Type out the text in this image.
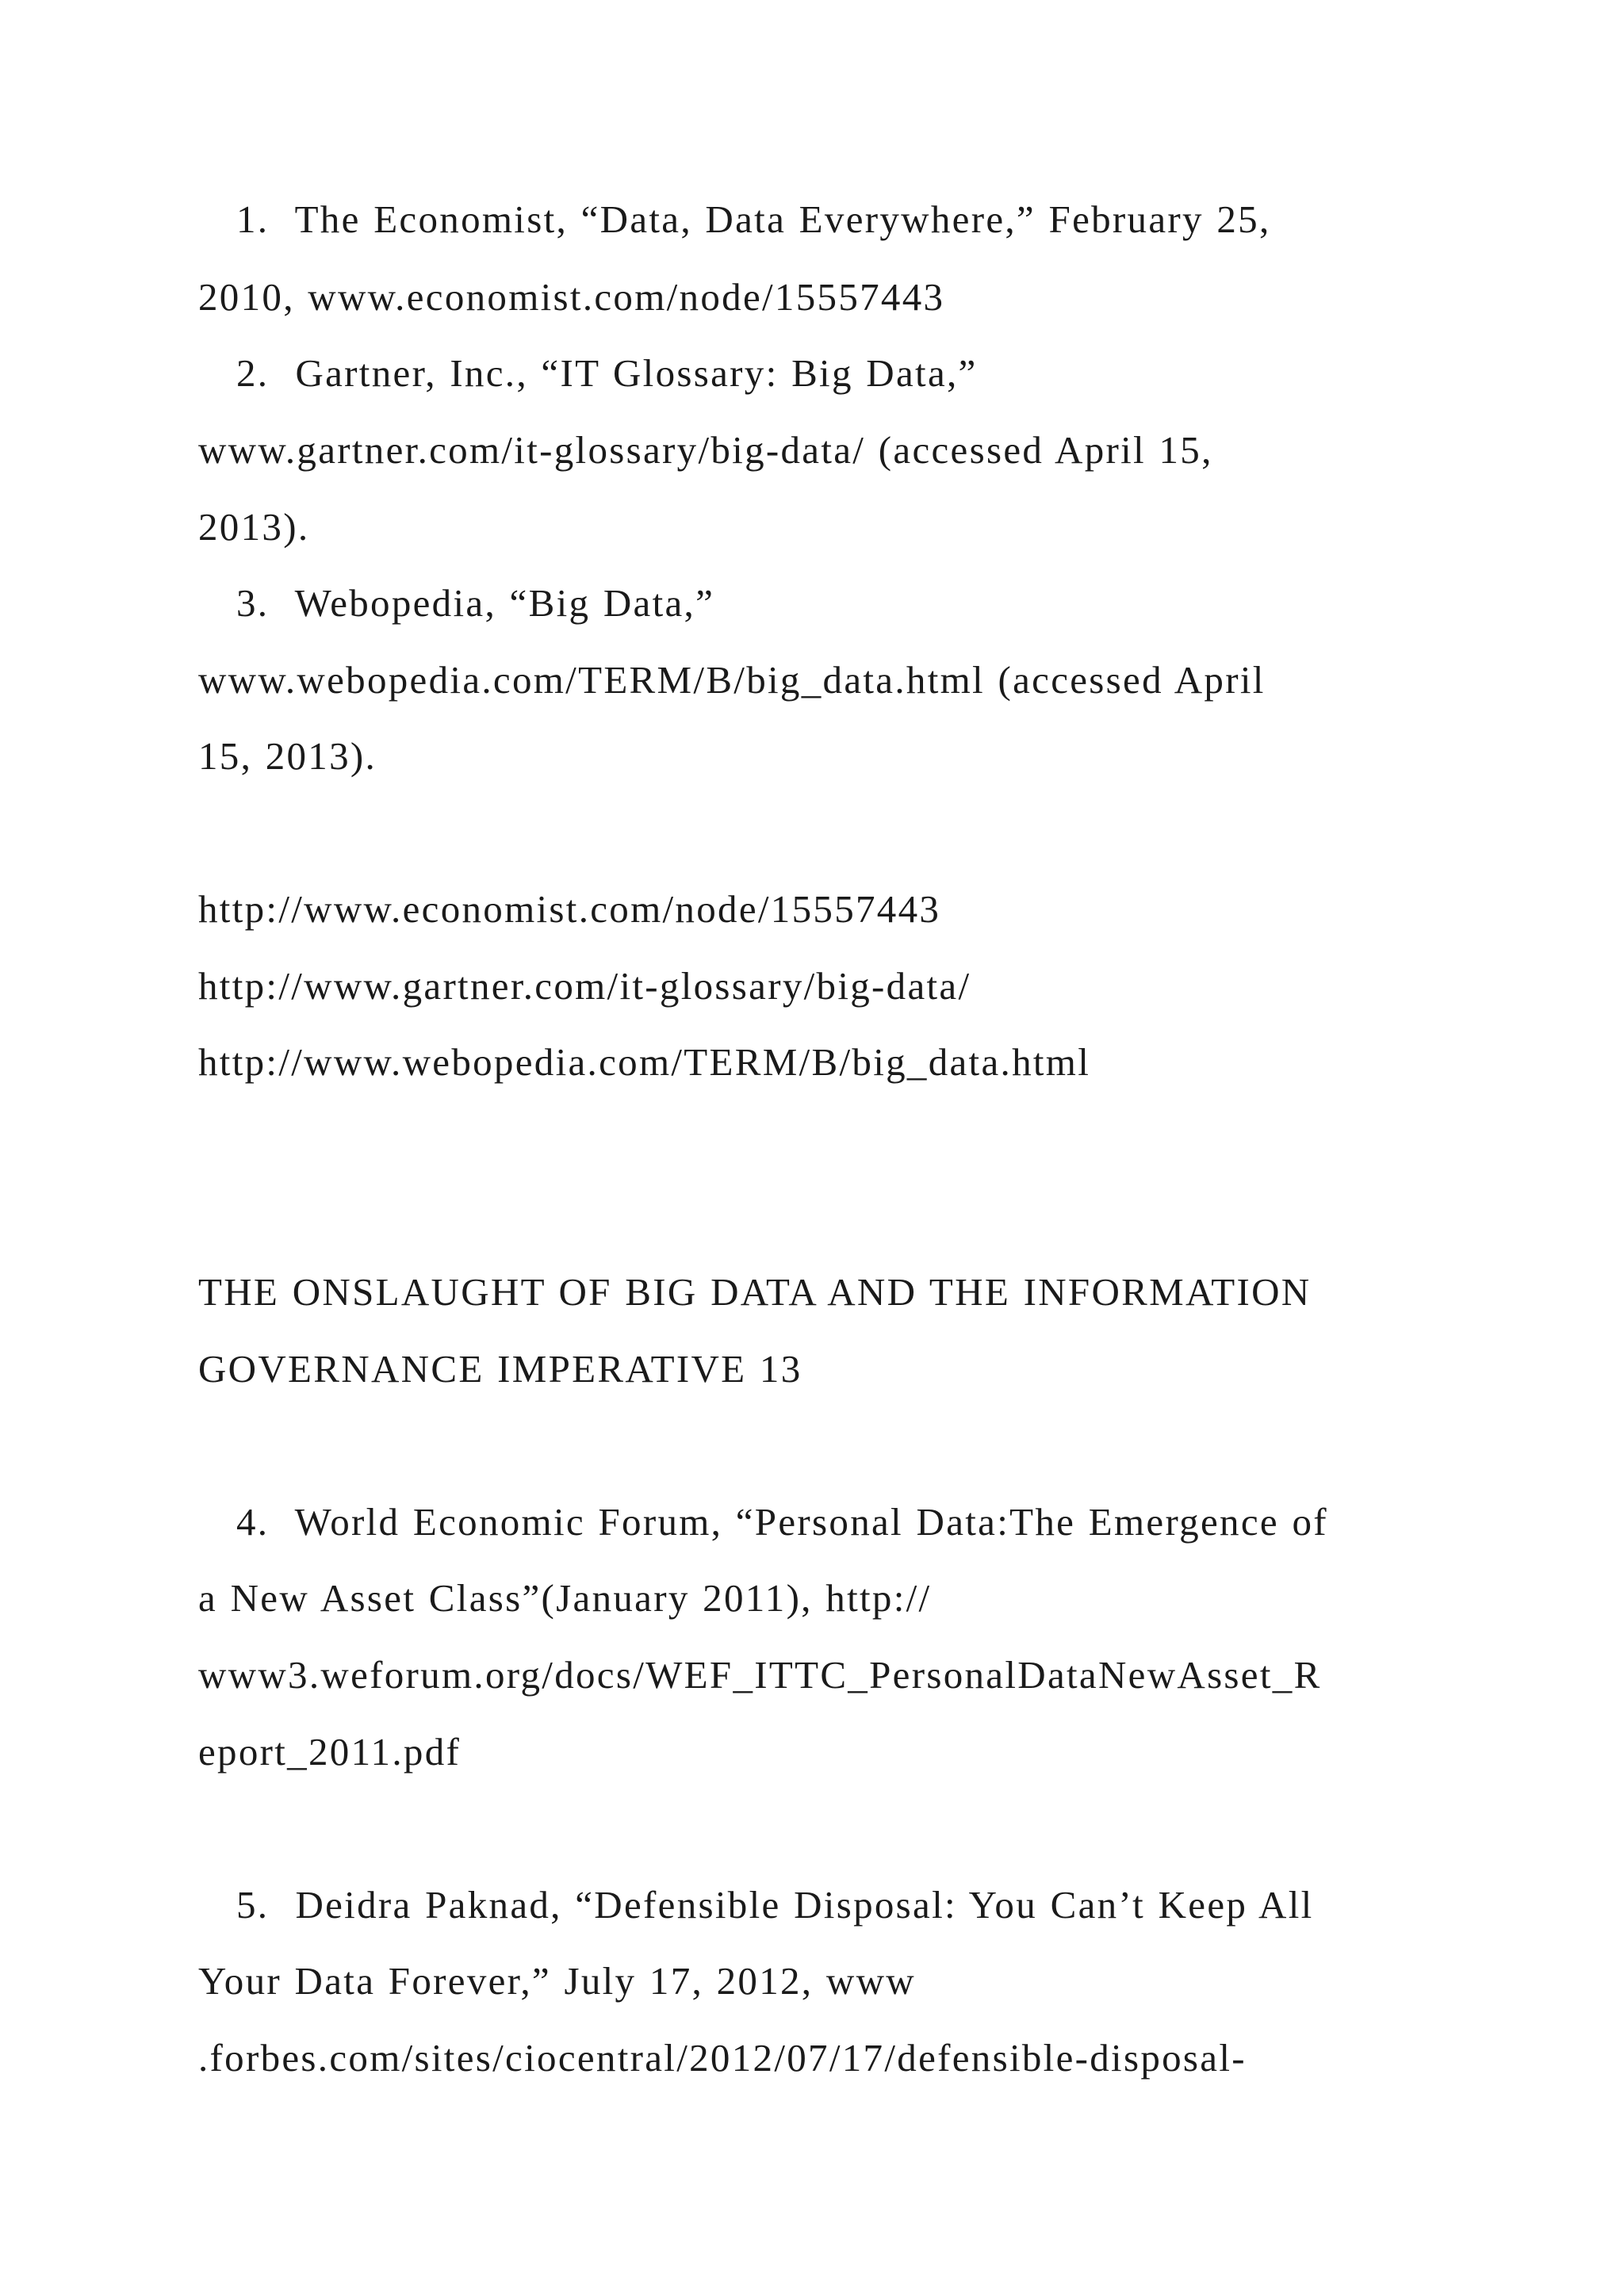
1.  The Economist, “Data, Data Everywhere,” February 25,
2010, www.economist.com/node/15557443
2.  Gartner, Inc., “IT Glossary: Big Data,”
www.gartner.com/it-glossary/big-data/ (accessed April 15,
2013).
3.  Webopedia, “Big Data,”
www.webopedia.com/TERM/B/big_data.html (accessed April
15, 2013).
http://www.economist.com/node/15557443
http://www.gartner.com/it-glossary/big-data/
http://www.webopedia.com/TERM/B/big_data.html
THE ONSLAUGHT OF BIG DATA AND THE INFORMATION
GOVERNANCE IMPERATIVE 13
4.  World Economic Forum, “Personal Data:The Emergence of
a New Asset Class”(January 2011), http://
www3.weforum.org/docs/WEF_ITTC_PersonalDataNewAsset_R
eport_2011.pdf
5.  Deidra Paknad, “Defensible Disposal: You Can’t Keep All
Your Data Forever,” July 17, 2012, www
.forbes.com/sites/ciocentral/2012/07/17/defensible-disposal-
